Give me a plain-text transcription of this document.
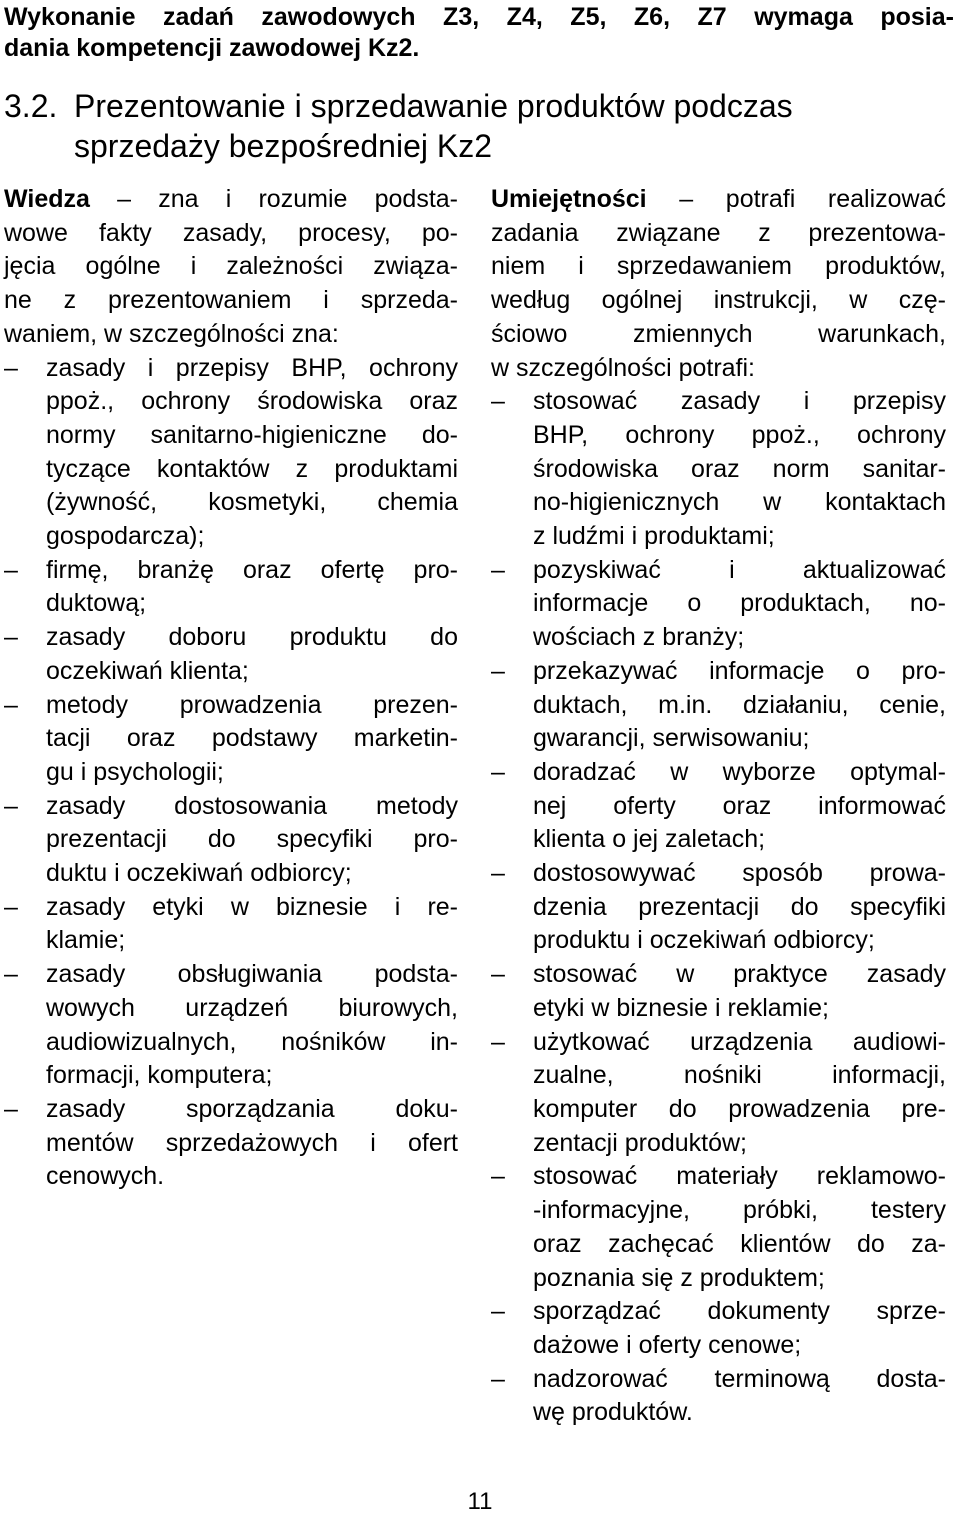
Wykonanie zadań zawodowych Z3, Z4, Z5, Z6, Z7 wymaga posia-
dania kompetencji zawodowej Kz2.
3.2. Prezentowanie i sprzedawanie produktów podczas
sprzedaży bezpośredniej Kz2
Wiedza – zna i rozumie podsta-
wowe fakty zasady, procesy, po-
jęcia ogólne i zależności związa-
ne z prezentowaniem i sprzeda-
waniem, w szczególności zna:
– zasady i przepisy BHP, ochrony
ppoż., ochrony środowiska oraz
normy sanitarno-higieniczne do-
tyczące kontaktów z produktami
(żywność, kosmetyki, chemia
gospodarcza);
– firmę, branżę oraz ofertę pro-
duktową;
– zasady doboru produktu do
oczekiwań klienta;
– metody prowadzenia prezen-
tacji oraz podstawy marketin-
gu i psychologii;
– zasady dostosowania metody
prezentacji do specyfiki pro-
duktu i oczekiwań odbiorcy;
– zasady etyki w biznesie i re-
klamie;
– zasady obsługiwania podsta-
wowych urządzeń biurowych,
audiowizualnych, nośników in-
formacji, komputera;
– zasady sporządzania doku-
mentów sprzedażowych i ofert
cenowych.
Umiejętności – potrafi realizować
zadania związane z prezentowa-
niem i sprzedawaniem produktów,
według ogólnej instrukcji, w czę-
ściowo zmiennych warunkach,
w szczególności potrafi:
– stosować zasady i przepisy
BHP, ochrony ppoż., ochrony
środowiska oraz norm sanitar-
no-higienicznych w kontaktach
z ludźmi i produktami;
– pozyskiwać i aktualizować
informacje o produktach, no-
wościach z branży;
– przekazywać informacje o pro-
duktach, m.in. działaniu, cenie,
gwarancji, serwisowaniu;
– doradzać w wyborze optymal-
nej oferty oraz informować
klienta o jej zaletach;
– dostosowywać sposób prowa-
dzenia prezentacji do specyfiki
produktu i oczekiwań odbiorcy;
– stosować w praktyce zasady
etyki w biznesie i reklamie;
– użytkować urządzenia audiowi-
zualne, nośniki informacji,
komputer do prowadzenia pre-
zentacji produktów;
– stosować materiały reklamowo-
-informacyjne, próbki, testery
oraz zachęcać klientów do za-
poznania się z produktem;
– sporządzać dokumenty sprze-
dażowe i oferty cenowe;
– nadzorować terminową dosta-
wę produktów.
11
